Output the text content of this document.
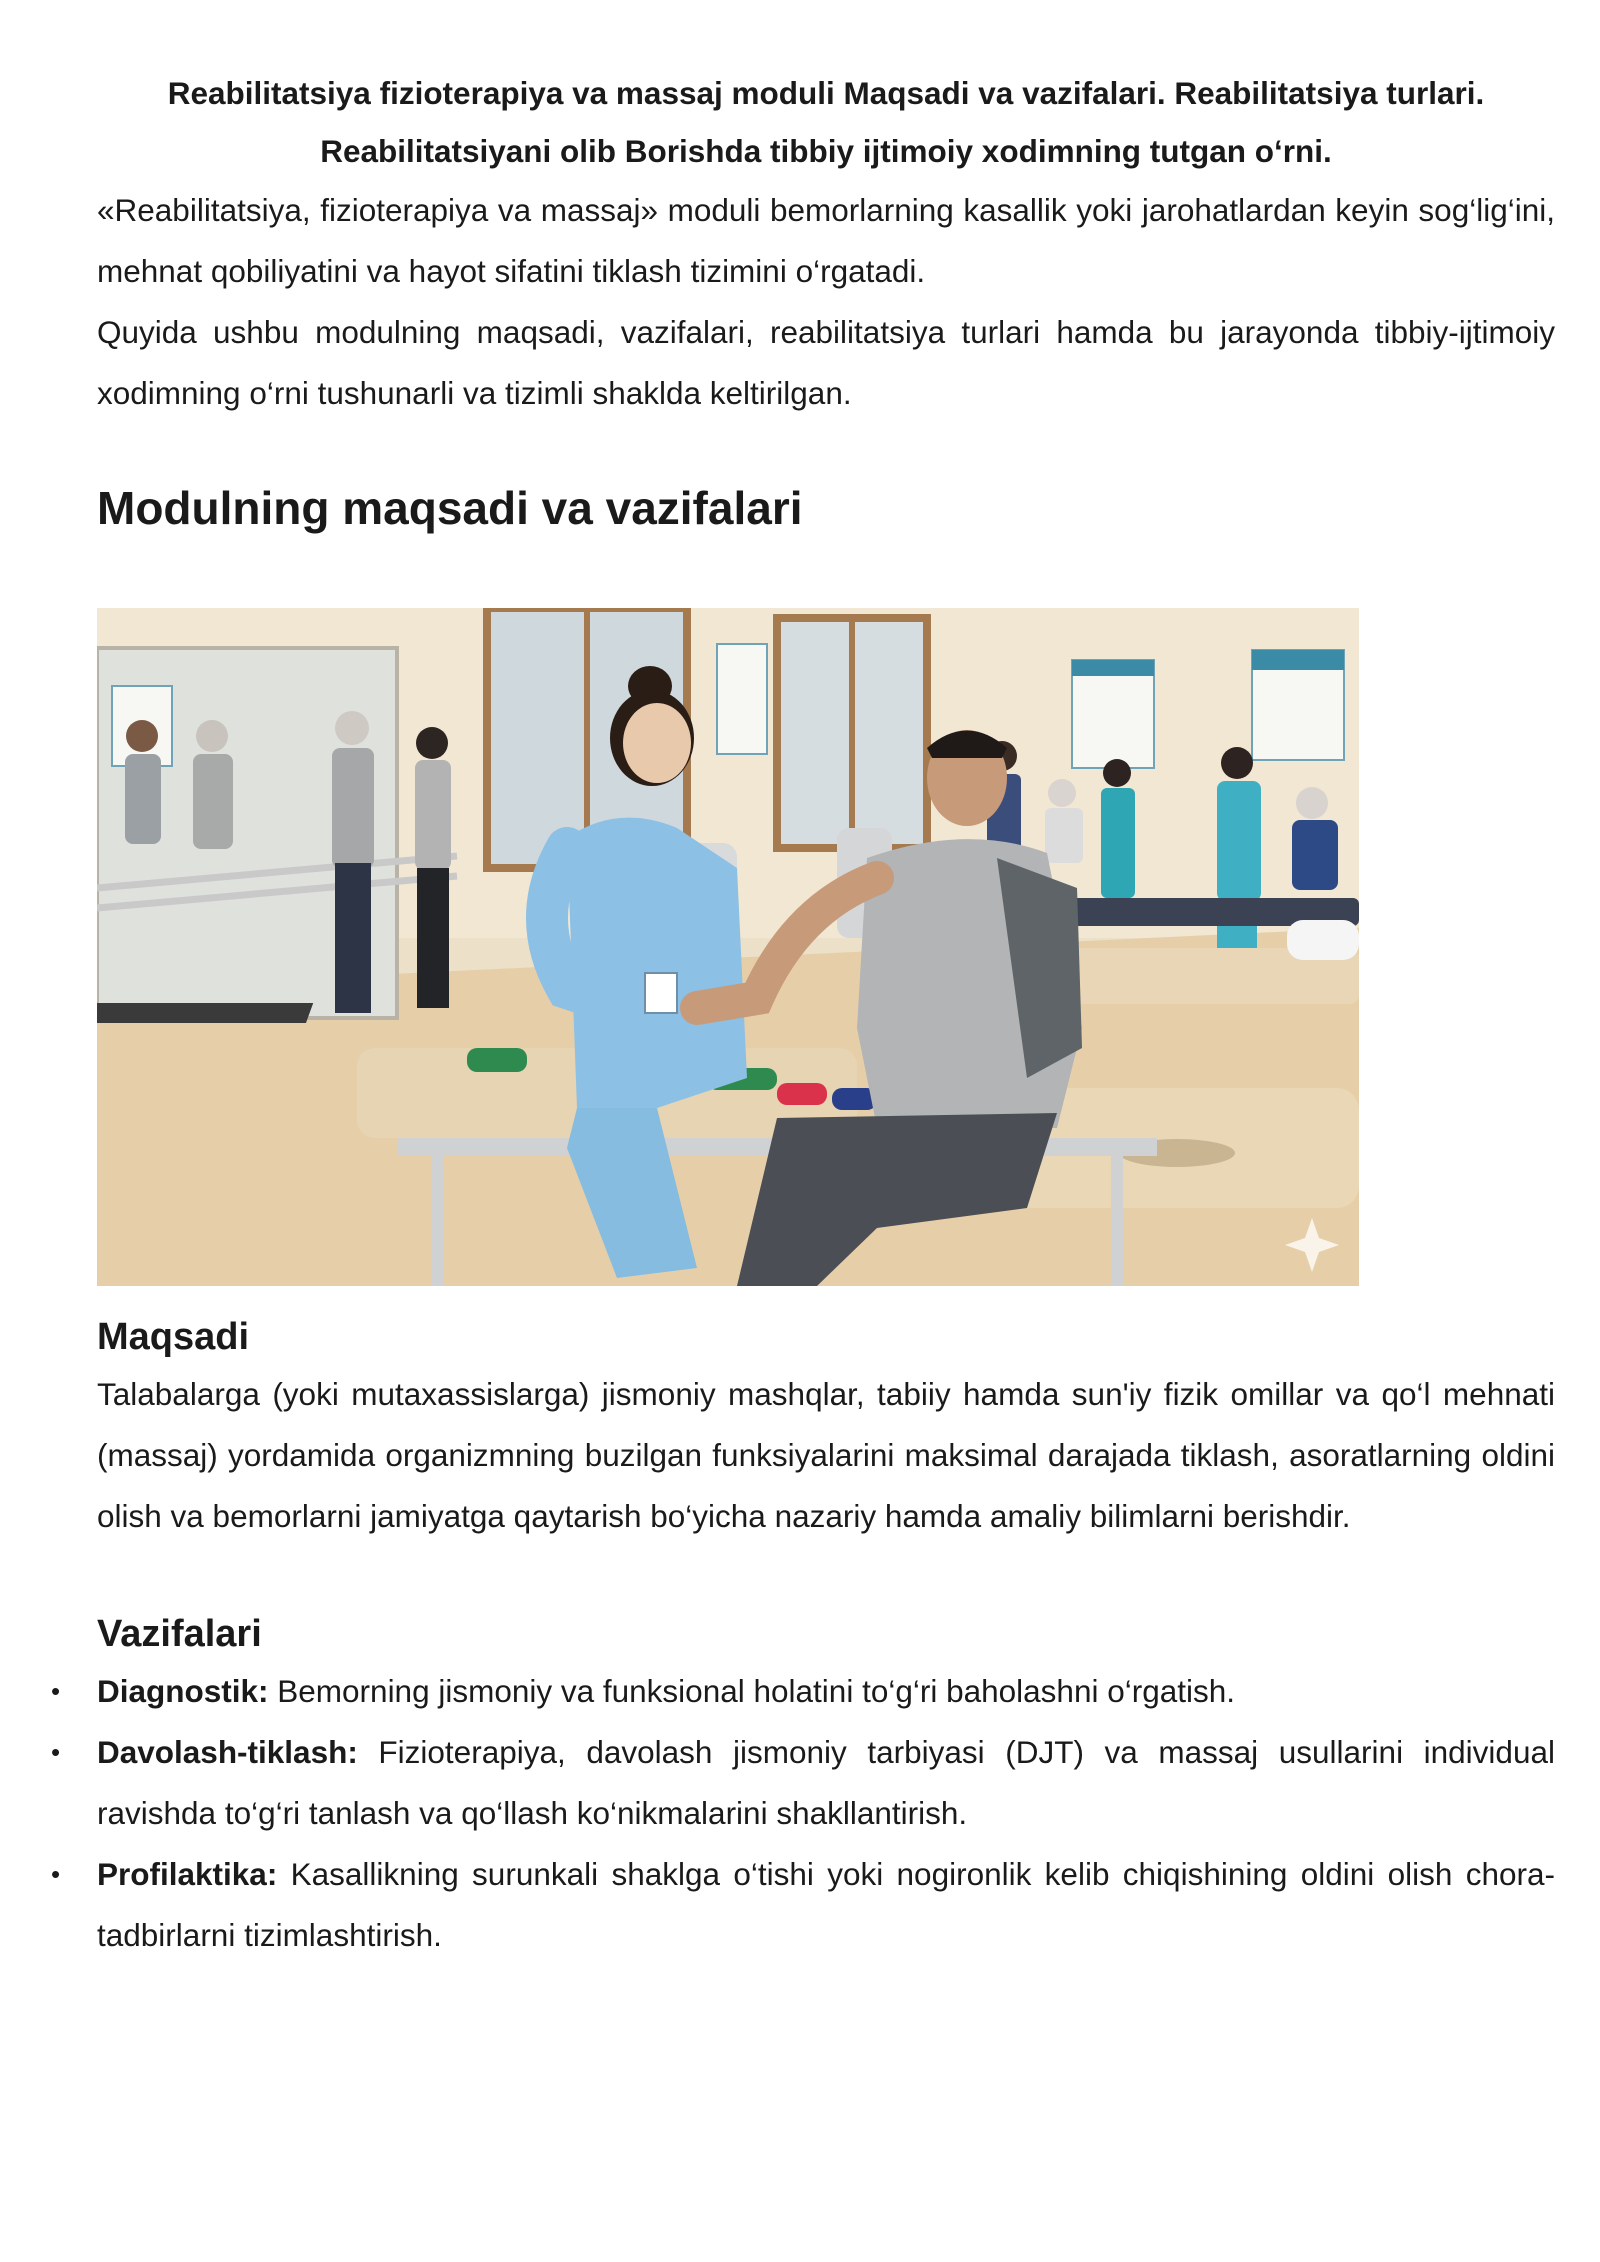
Reabilitatsiya fizioterapiya va massaj moduli Maqsadi va vazifalari. Reabilitatsiya turlari. Reabilitatsiyani olib Borishda tibbiy ijtimoiy xodimning tutgan o‘rni.

«Reabilitatsiya, fizioterapiya va massaj» moduli bemorlarning kasallik yoki jarohatlardan keyin sog‘lig‘ini, mehnat qobiliyatini va hayot sifatini tiklash tizimini o‘rgatadi.

Quyida ushbu modulning maqsadi, vazifalari, reabilitatsiya turlari hamda bu jarayonda tibbiy-ijtimoiy xodimning o‘rni tushunarli va tizimli shaklda keltirilgan.

Modulning maqsadi va vazifalari
Maqsadi

Talabalarga (yoki mutaxassislarga) jismoniy mashqlar, tabiiy hamda sun'iy fizik omillar va qo‘l mehnati (massaj) yordamida organizmning buzilgan funksiyalarini maksimal darajada tiklash, asoratlarning oldini olish va bemorlarni jamiyatga qaytarish bo‘yicha nazariy hamda amaliy bilimlarni berishdir.

Vazifalari
• Diagnostik: Bemorning jismoniy va funksional holatini to‘g‘ri baholashni o‘rgatish.
• Davolash-tiklash: Fizioterapiya, davolash jismoniy tarbiyasi (DJT) va massaj usullarini individual ravishda to‘g‘ri tanlash va qo‘llash ko‘nikmalarini shakllantirish.
• Profilaktika: Kasallikning surunkali shaklga o‘tishi yoki nogironlik kelib chiqishining oldini olish chora-tadbirlarni tizimlashtirish.
